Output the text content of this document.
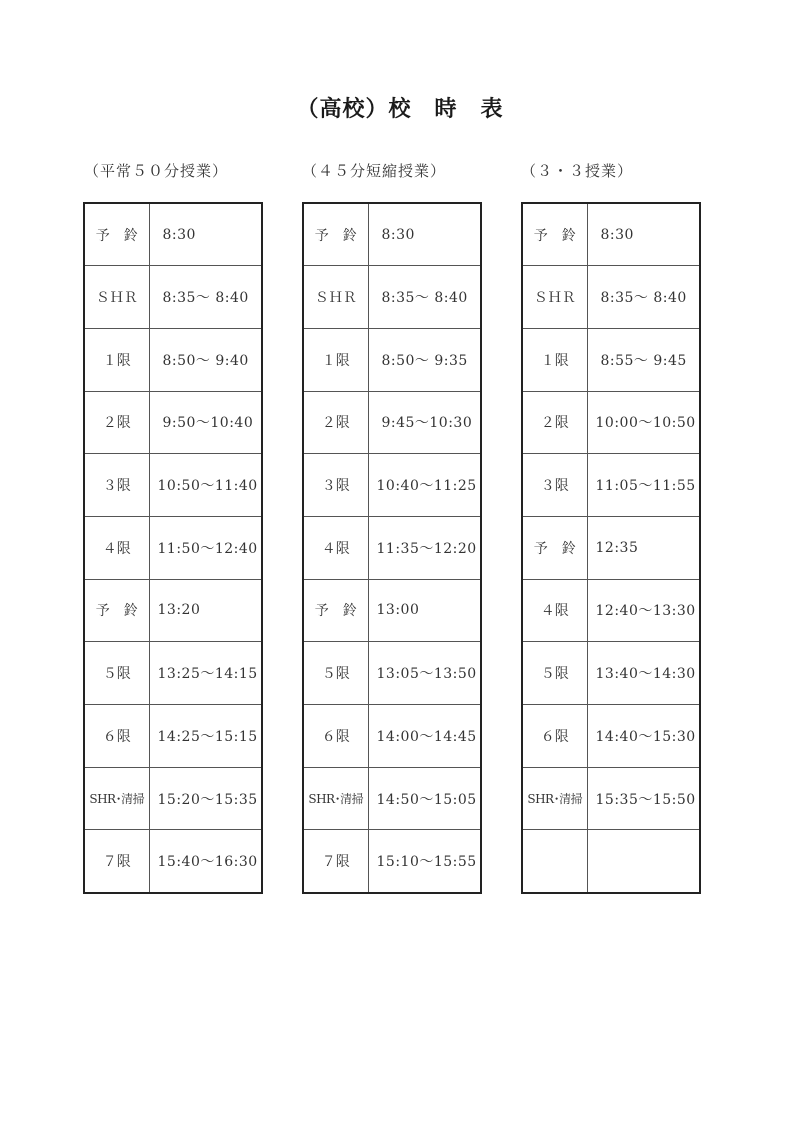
（高校）校　時　表
（平常５０分授業）	（４５分短縮授業）	（３・３授業）
予　鈴	8:30
ＳＨＲ	8:35～ 8:40
１限	8:50～ 9:40
２限	9:50～10:40
３限	10:50～11:40
４限	11:50～12:40
予　鈴	13:20
５限	13:25～14:15
６限	14:25～15:15
SHR･清掃	15:20～15:35
７限	15:40～16:30
予　鈴	8:30
ＳＨＲ	8:35～ 8:40
１限	8:50～ 9:35
２限	9:45～10:30
３限	10:40～11:25
４限	11:35～12:20
予　鈴	13:00
５限	13:05～13:50
６限	14:00～14:45
SHR･清掃	14:50～15:05
７限	15:10～15:55
予　鈴	8:30
ＳＨＲ	8:35～ 8:40
１限	8:55～ 9:45
２限	10:00～10:50
３限	11:05～11:55
予　鈴	12:35
４限	12:40～13:30
５限	13:40～14:30
６限	14:40～15:30
SHR･清掃	15:35～15:50
